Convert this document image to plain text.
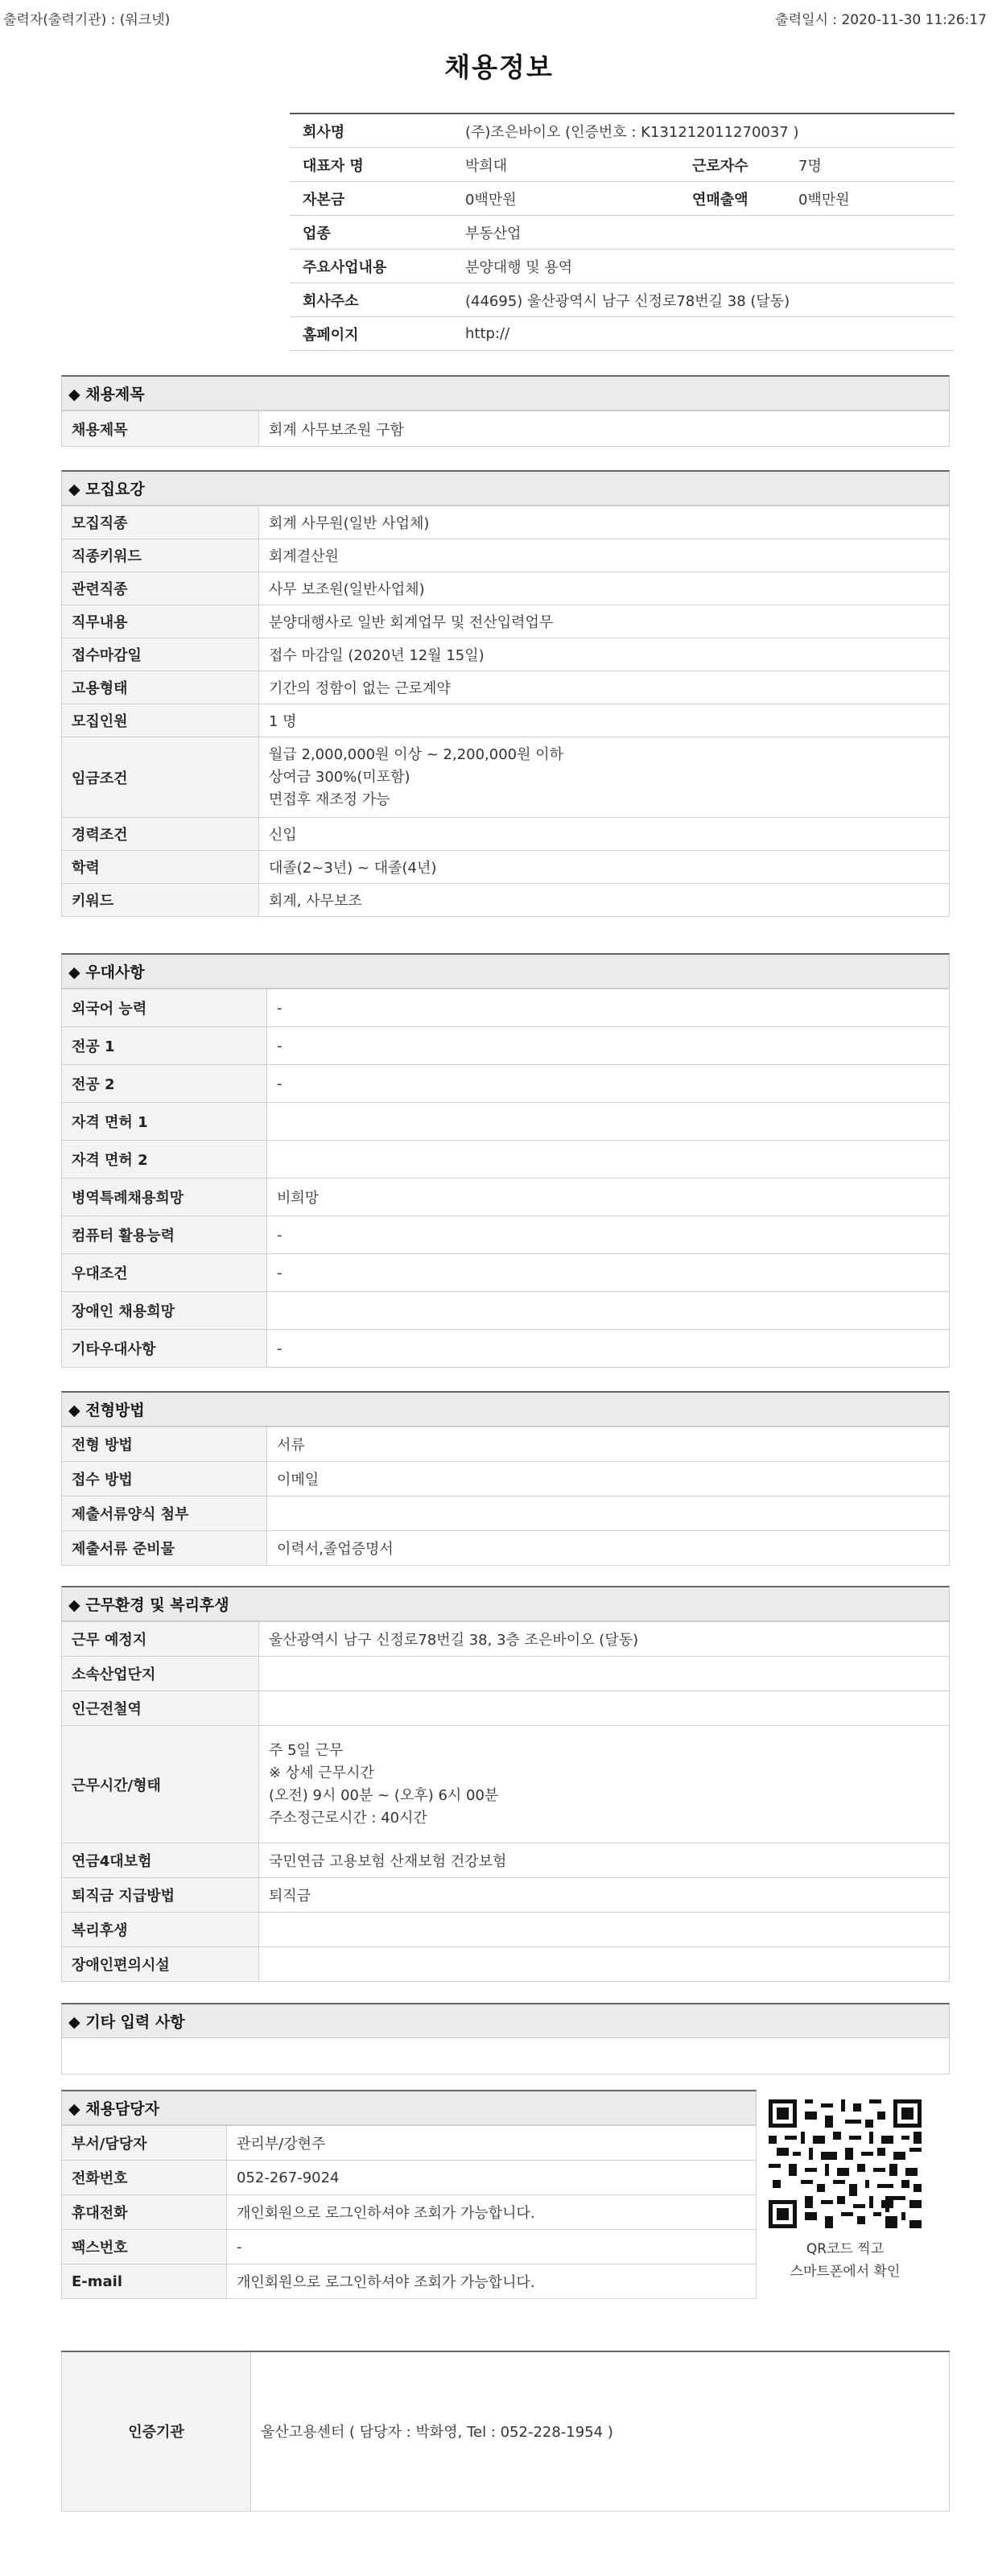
출력자(출력기관) : (워크넷)	출력일시 : 2020-11-30 11:26:17
채용정보
회사명	(주)조은바이오 (인증번호 : K131212011270037 )		
대표자 명	박희대	근로자수	7명
자본금	0백만원	연매출액	0백만원
업종	부동산업		
주요사업내용	분양대행 및 용역		
회사주소	(44695) 울산광역시 남구 신정로78번길 38 (달동)		
홈페이지	http://		
◆ 채용제목
채용제목	회계 사무보조원 구함
◆ 모집요강
모집직종	회계 사무원(일반 사업체)
직종키워드	회계결산원
관련직종	사무 보조원(일반사업체)
직무내용	분양대행사로 일반 회계업무 및 전산입력업무
접수마감일	접수 마감일 (2020년 12월 15일)
고용형태	기간의 정함이 없는 근로계약
모집인원	1 명
임금조건	월급 2,000,000원 이상 ~ 2,200,000원 이하
상여금 300%(미포함)
면접후 재조정 가능

경력조건	신입
학력	대졸(2~3년) ~ 대졸(4년)
키워드	회계, 사무보조
◆ 우대사항
외국어 능력	-
전공 1	-
전공 2	-
자격 면허 1	
자격 면허 2	
병역특례채용희망	비희망
컴퓨터 활용능력	-
우대조건	-
장애인 채용희망	
기타우대사항	-
◆ 전형방법
전형 방법	서류
접수 방법	이메일
제출서류양식 첨부	
제출서류 준비물	이력서,졸업증명서
◆ 근무환경 및 복리후생
근무 예정지	울산광역시 남구 신정로78번길 38, 3층 조은바이오 (달동)
소속산업단지	
인근전철역	
근무시간/형태	주 5일 근무
※ 상세 근무시간
(오전) 9시 00분 ~ (오후) 6시 00분
주소정근로시간 : 40시간

연금4대보험	국민연금 고용보험 산재보험 건강보험
퇴직금 지급방법	퇴직금
복리후생	
장애인편의시설	
◆ 기타 입력 사항
◆ 채용담당자
부서/담당자	관리부/강현주
전화번호	052-267-9024
휴대전화	개인회원으로 로그인하셔야 조회가 가능합니다.
팩스번호	-
E-mail	개인회원으로 로그인하셔야 조회가 가능합니다.
QR코드 찍고
스마트폰에서 확인
인증기관	울산고용센터 ( 담당자 : 박화영, Tel : 052-228-1954 )
